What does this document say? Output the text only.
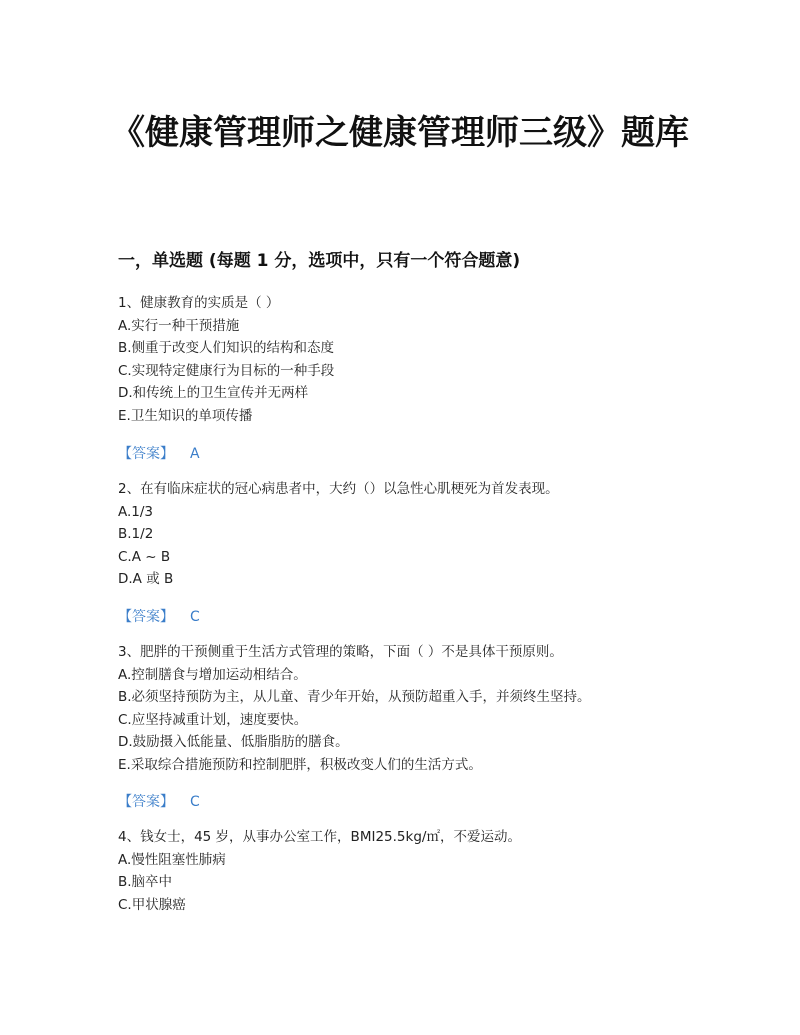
《健康管理师之健康管理师三级》题库
一，单选题 (每题 1 分，选项中，只有一个符合题意)
1、健康教育的实质是（ ）
A.实行一种干预措施
B.侧重于改变人们知识的结构和态度
C.实现特定健康行为目标的一种手段
D.和传统上的卫生宣传并无两样
E.卫生知识的单项传播
【答案】 A
2、在有临床症状的冠心病患者中，大约（）以急性心肌梗死为首发表现。
A.1/3
B.1/2
C.A ~ B
D.A 或 B
【答案】 C
3、肥胖的干预侧重于生活方式管理的策略，下面（ ）不是具体干预原则。
A.控制膳食与增加运动相结合。
B.必须坚持预防为主，从儿童、青少年开始，从预防超重入手，并须终生坚持。
C.应坚持减重计划，速度要快。
D.鼓励摄入低能量、低脂脂肪的膳食。
E.采取综合措施预防和控制肥胖，积极改变人们的生活方式。
【答案】 C
4、钱女士，45 岁，从事办公室工作，BMI25.5kg/㎡，不爱运动。
A.慢性阻塞性肺病
B.脑卒中
C.甲状腺癌
